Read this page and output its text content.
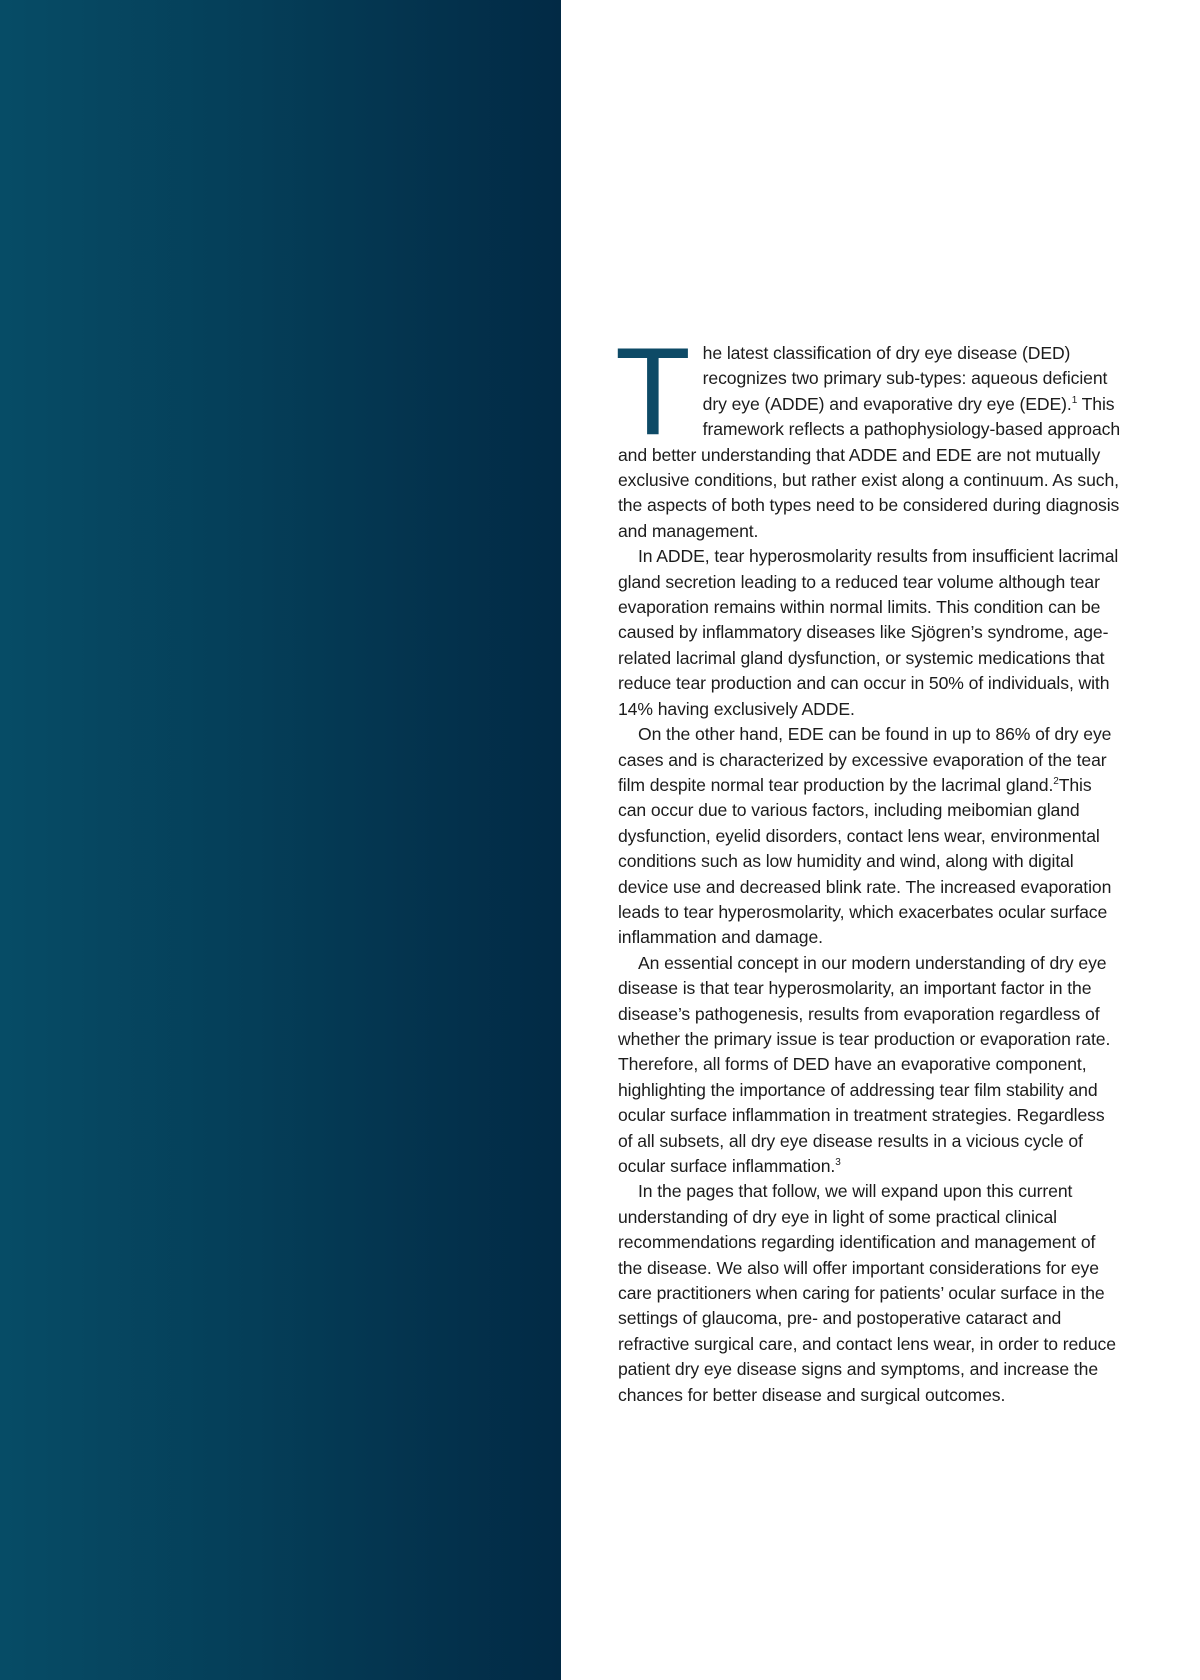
The latest classification of dry eye disease (DED) recognizes two primary sub-types: aqueous deficient dry eye (ADDE) and evaporative dry eye (EDE).$^1$ This framework reflects a pathophysiology-based approach and better understanding that ADDE and EDE are not mutually exclusive conditions, but rather exist along a continuum. As such, the aspects of both types need to be considered during diagnosis and management.

In ADDE, tear hyperosmolarity results from insufficient lacrimal gland secretion leading to a reduced tear volume although tear evaporation remains within normal limits. This condition can be caused by inflammatory diseases like Sjögren’s syndrome, age-related lacrimal gland dysfunction, or systemic medications that reduce tear production and can occur in 50% of individuals, with 14% having exclusively ADDE.

On the other hand, EDE can be found in up to 86% of dry eye cases and is characterized by excessive evaporation of the tear film despite normal tear production by the lacrimal gland.$^2$This can occur due to various factors, including meibomian gland dysfunction, eyelid disorders, contact lens wear, environmental conditions such as low humidity and wind, along with digital device use and decreased blink rate. The increased evaporation leads to tear hyperosmolarity, which exacerbates ocular surface inflammation and damage.

An essential concept in our modern understanding of dry eye disease is that tear hyperosmolarity, an important factor in the disease’s pathogenesis, results from evaporation regardless of whether the primary issue is tear production or evaporation rate. Therefore, all forms of DED have an evaporative component, highlighting the importance of addressing tear film stability and ocular surface inflammation in treatment strategies. Regardless of all subsets, all dry eye disease results in a vicious cycle of ocular surface inflammation.$^3$

In the pages that follow, we will expand upon this current understanding of dry eye in light of some practical clinical recommendations regarding identification and management of the disease. We also will offer important considerations for eye care practitioners when caring for patients’ ocular surface in the settings of glaucoma, pre- and postoperative cataract and refractive surgical care, and contact lens wear, in order to reduce patient dry eye disease signs and symptoms, and increase the chances for better disease and surgical outcomes.
